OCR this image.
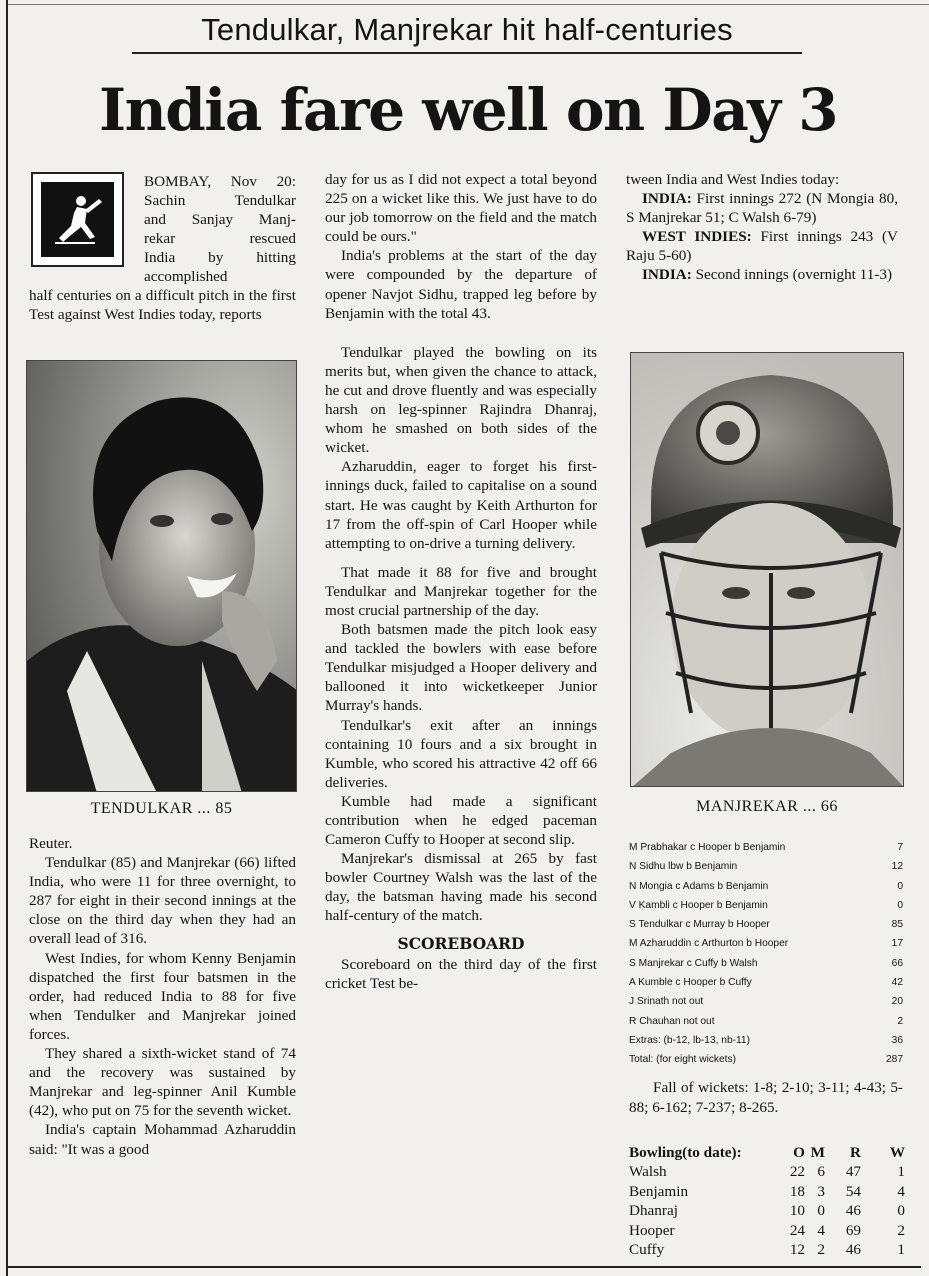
Tendulkar, Manjrekar hit half-centuries
India fare well on Day 3
BOMBAY, Nov 20:
Sachin Tendulkar
and Sanjay Manj-
rekar rescued
India by hitting
accomplished

half centuries on a difficult pitch in the first Test against West Indies today, reports

TENDULKAR ... 85

Reuter.

Tendulkar (85) and Manjrekar (66) lifted India, who were 11 for three overnight, to 287 for eight in their second innings at the close on the third day when they had an overall lead of 316.

West Indies, for whom Kenny Benjamin dispatched the first four batsmen in the order, had reduced India to 88 for five when Tendulker and Manjrekar joined forces.

They shared a sixth-wicket stand of 74 and the recovery was sustained by Manjrekar and leg-spinner Anil Kumble (42), who put on 75 for the seventh wicket.

India's captain Mohammad Azharuddin said: "It was a good

day for us as I did not expect a total beyond 225 on a wicket like this. We just have to do our job tomorrow on the field and the match could be ours."

India's problems at the start of the day were compounded by the departure of opener Navjot Sidhu, trapped leg before by Benjamin with the total 43.

Tendulkar played the bowling on its merits but, when given the chance to attack, he cut and drove fluently and was especially harsh on leg-spinner Rajindra Dhanraj, whom he smashed on both sides of the wicket.

Azharuddin, eager to forget his first-innings duck, failed to capitalise on a sound start. He was caught by Keith Arthurton for 17 from the off-spin of Carl Hooper while attempting to on-drive a turning delivery.

That made it 88 for five and brought Tendulkar and Manjrekar together for the most crucial partnership of the day.

Both batsmen made the pitch look easy and tackled the bowlers with ease before Tendulkar misjudged a Hooper delivery and ballooned it into wicketkeeper Junior Murray's hands.

Tendulkar's exit after an innings containing 10 fours and a six brought in Kumble, who scored his attractive 42 off 66 deliveries.

Kumble had made a significant contribution when he edged paceman Cameron Cuffy to Hooper at second slip.

Manjrekar's dismissal at 265 by fast bowler Courtney Walsh was the last of the day, the batsman having made his second half-century of the match.

SCOREBOARD

Scoreboard on the third day of the first cricket Test be-

tween India and West Indies today:

INDIA: First innings 272 (N Mongia 80, S Manjrekar 51; C Walsh 6-79)

WEST INDIES: First innings 243 (V Raju 5-60)

INDIA: Second innings (overnight 11-3)

MANJREKAR ... 66
M Prabhakar c Hooper b Benjamin	7
N Sidhu lbw b Benjamin	12
N Mongia c Adams b Benjamin	0
V Kambli c Hooper b Benjamin	0
S Tendulkar c Murray b Hooper	85
M Azharuddin c Arthurton b Hooper	17
S Manjrekar c Cuffy b Walsh	66
A Kumble c Hooper b Cuffy	42
J Srinath not out	20
R Chauhan not out	2
Extras: (b-12, lb-13, nb-11)	36
Total: (for eight wickets)	287
Fall of wickets: 1-8; 2-10; 3-11; 4-43; 5-88; 6-162; 7-237; 8-265.
Bowling(to date):	O M	R	W
Walsh	22 6	47	1
Benjamin	18 3	54	4
Dhanraj	10 0	46	0
Hooper	24 4	69	2
Cuffy	12 2	46	1
